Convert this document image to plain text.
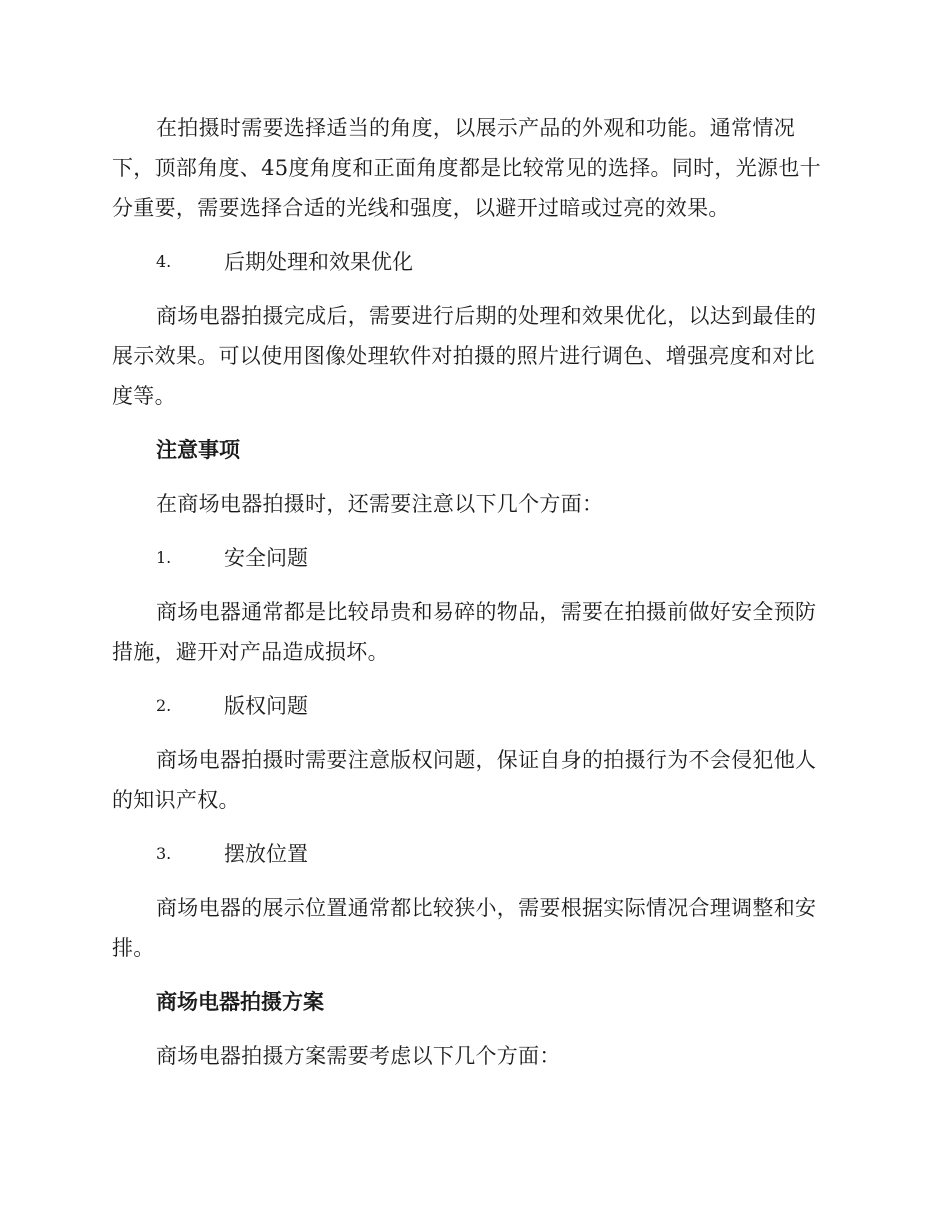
在拍摄时需要选择适当的角度，以展示产品的外观和功能。通常情况下，顶部角度、45度角度和正面角度都是比较常见的选择。同时，光源也十分重要，需要选择合适的光线和强度，以避开过暗或过亮的效果。

4.	后期处理和效果优化

商场电器拍摄完成后，需要进行后期的处理和效果优化，以达到最佳的展示效果。可以使用图像处理软件对拍摄的照片进行调色、增强亮度和对比度等。

注意事项

在商场电器拍摄时，还需要注意以下几个方面：

1.	安全问题

商场电器通常都是比较昂贵和易碎的物品，需要在拍摄前做好安全预防措施，避开对产品造成损坏。

2.	版权问题

商场电器拍摄时需要注意版权问题，保证自身的拍摄行为不会侵犯他人的知识产权。

3.	摆放位置

商场电器的展示位置通常都比较狭小，需要根据实际情况合理调整和安排。

商场电器拍摄方案

商场电器拍摄方案需要考虑以下几个方面：
